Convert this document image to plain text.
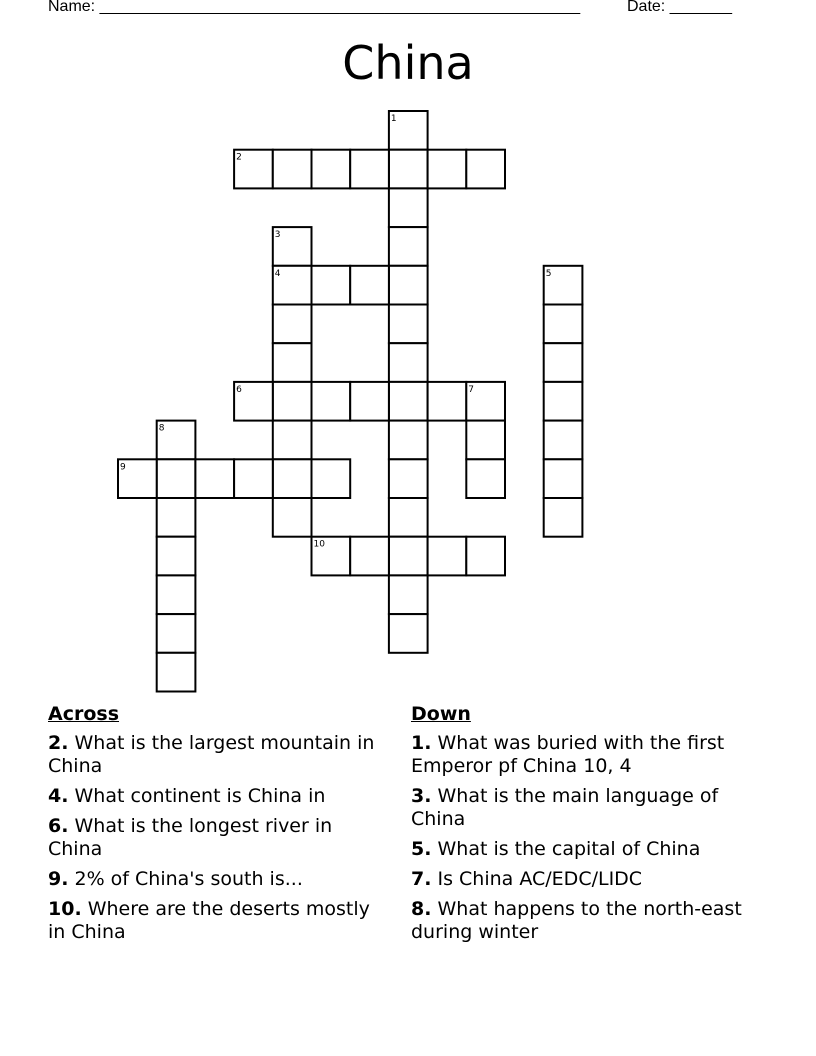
Name: ______________________________________________________	Date: _______
China
1
2
3
4	5
6	7
8
9
10
Across
2. What is the largest mountain in China
4. What continent is China in
6. What is the longest river in China
9. 2% of China's south is...
10. Where are the deserts mostly in China
Down
1. What was buried with the first Emperor pf China 10, 4
3. What is the main language of China
5. What is the capital of China
7. Is China AC/EDC/LIDC
8. What happens to the north-east during winter
